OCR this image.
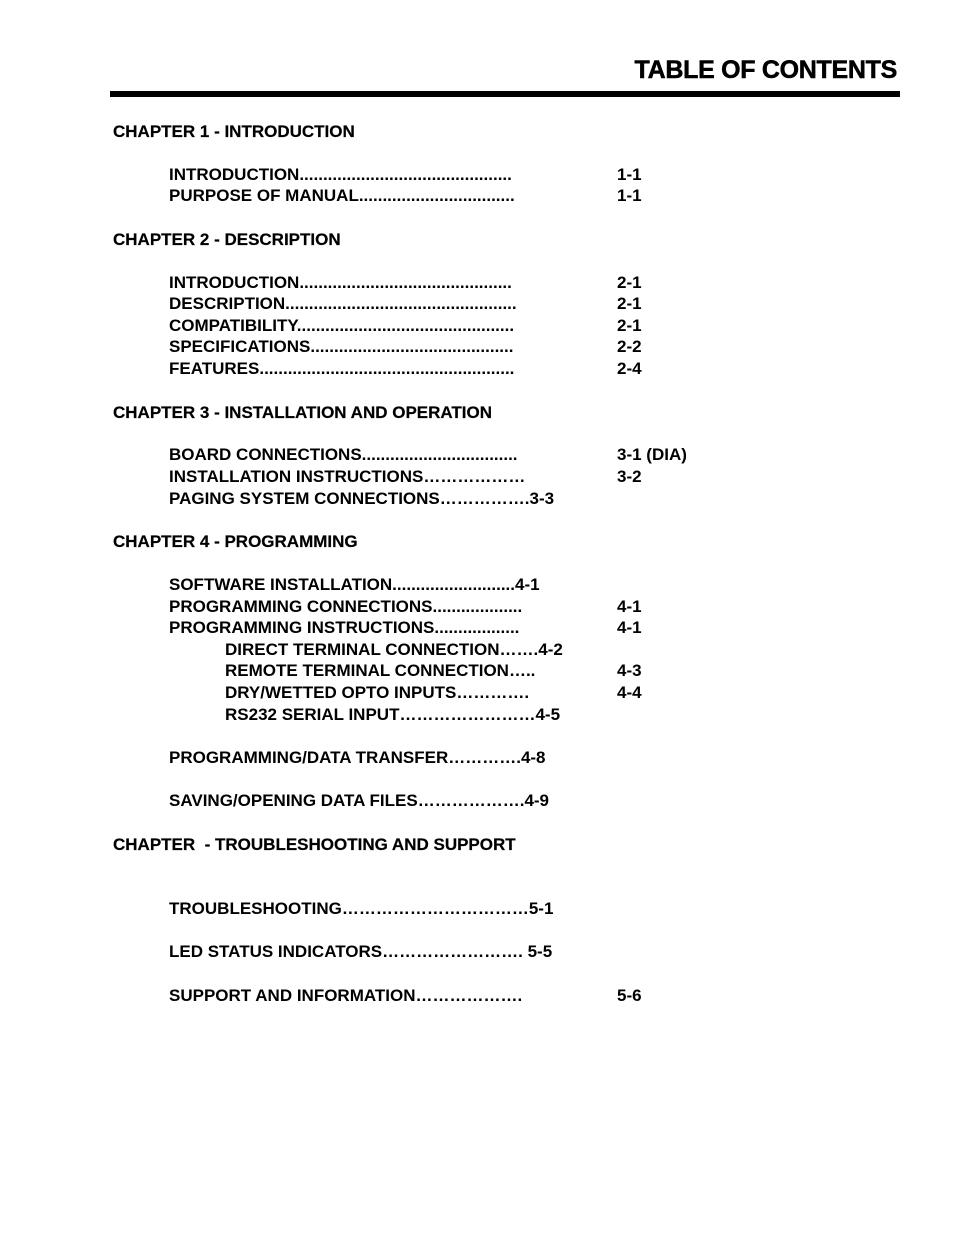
TABLE OF CONTENTS
CHAPTER 1 - INTRODUCTION
INTRODUCTION.............................................	1-1
PURPOSE OF MANUAL.................................	1-1
CHAPTER 2 - DESCRIPTION
INTRODUCTION.............................................	2-1
DESCRIPTION.................................................	2-1
COMPATIBILITY..............................................	2-1
SPECIFICATIONS...........................................	2-2
FEATURES......................................................	2-4
CHAPTER 3 - INSTALLATION AND OPERATION
BOARD CONNECTIONS.................................	3-1 (DIA)
INSTALLATION INSTRUCTIONS………………	3-2
PAGING SYSTEM CONNECTIONS…………….3-3
CHAPTER 4 - PROGRAMMING
SOFTWARE INSTALLATION..........................4-1
PROGRAMMING CONNECTIONS...................	4-1
PROGRAMMING INSTRUCTIONS..................	4-1
DIRECT TERMINAL CONNECTION…….4-2
REMOTE TERMINAL CONNECTION…..	4-3
DRY/WETTED OPTO INPUTS………….	4-4
RS232 SERIAL INPUT……………………4-5
PROGRAMMING/DATA TRANSFER………….4-8
SAVING/OPENING DATA FILES……………….4-9
CHAPTER  - TROUBLESHOOTING AND SUPPORT
TROUBLESHOOTING……………………………5-1
LED STATUS INDICATORS……………………. 5-5
SUPPORT AND INFORMATION……………….	5-6
